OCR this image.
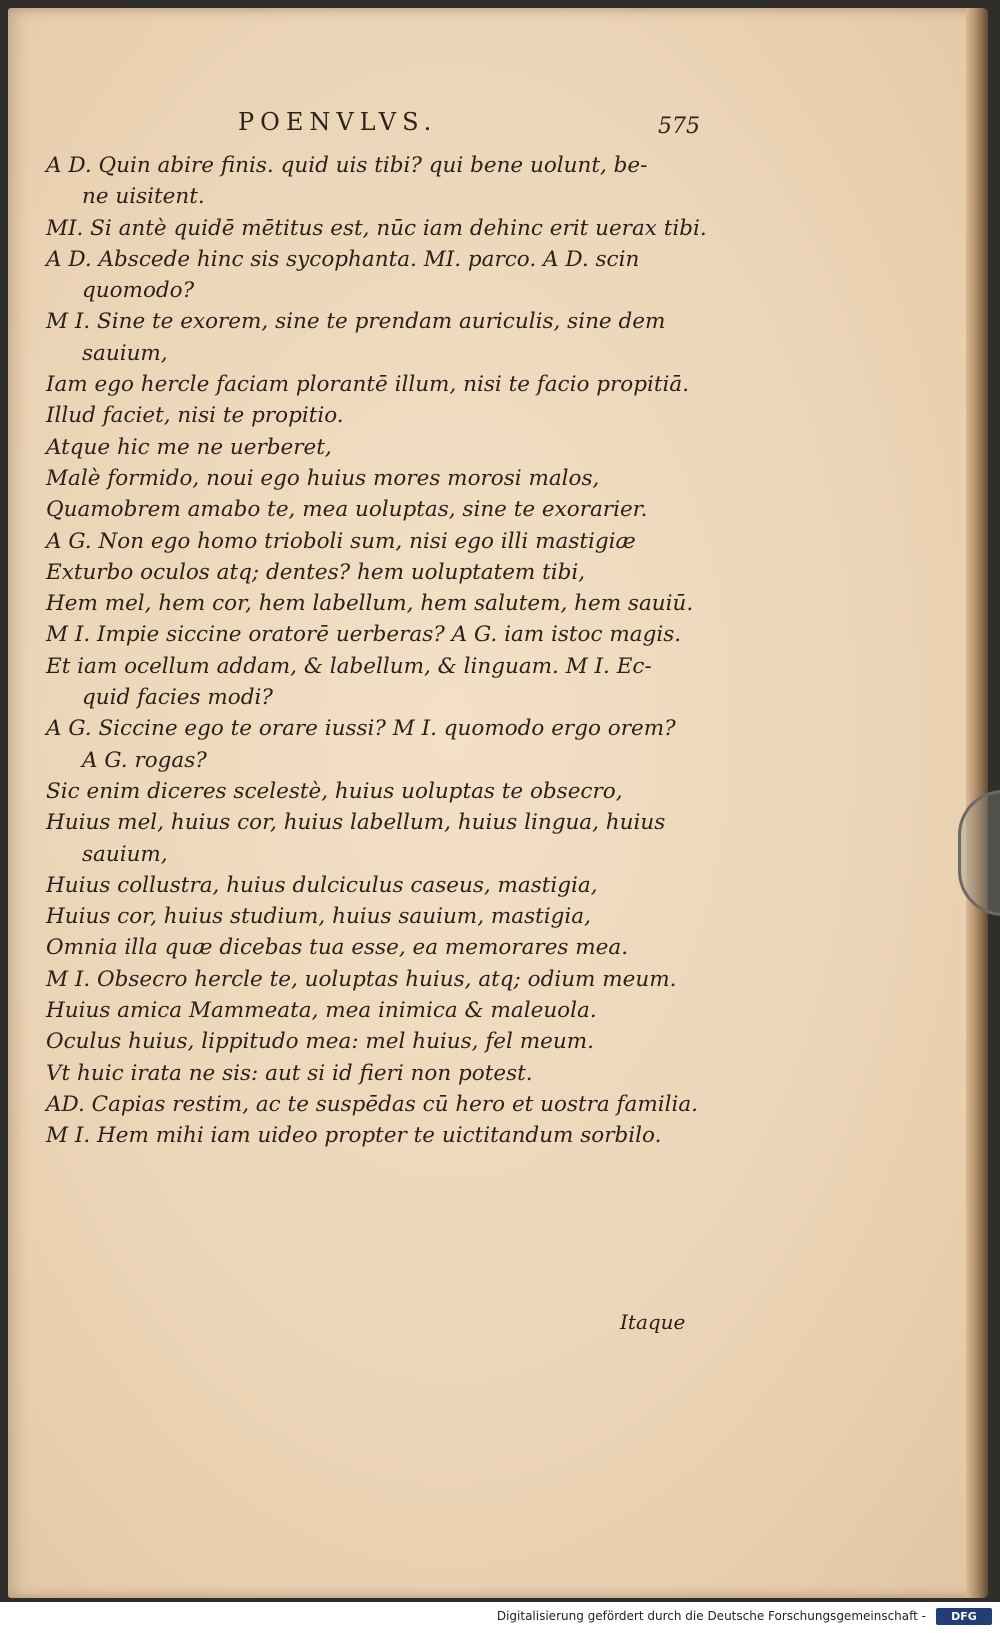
POENVLVS.	575
A D. Quin abire finis. quid uis tibi? qui bene uolunt, be-
ne uisitent.
MI. Si antè quidē mētitus est, nūc iam dehinc erit uerax tibi.
A D. Abscede hinc sis sycophanta. MI. parco. A D. scin
quomodo?
M I. Sine te exorem, sine te prendam auriculis, sine dem
sauium,
Iam ego hercle faciam plorantē illum, nisi te facio propitiā.
Illud faciet, nisi te propitio.
Atque hic me ne uerberet,
Malè formido, noui ego huius mores morosi malos,
Quamobrem amabo te, mea uoluptas, sine te exorarier.
A G. Non ego homo trioboli sum, nisi ego illi mastigiæ
Exturbo oculos atq; dentes? hem uoluptatem tibi,
Hem mel, hem cor, hem labellum, hem salutem, hem sauiū.
M I. Impie siccine oratorē uerberas? A G. iam istoc magis.
Et iam ocellum addam, & labellum, & linguam. M I. Ec-
quid facies modi?
A G. Siccine ego te orare iussi? M I. quomodo ergo orem?
A G. rogas?
Sic enim diceres scelestè, huius uoluptas te obsecro,
Huius mel, huius cor, huius labellum, huius lingua, huius
sauium,
Huius collustra, huius dulciculus caseus, mastigia,
Huius cor, huius studium, huius sauium, mastigia,
Omnia illa quæ dicebas tua esse, ea memorares mea.
M I. Obsecro hercle te, uoluptas huius, atq; odium meum.
Huius amica Mammeata, mea inimica & maleuola.
Oculus huius, lippitudo mea: mel huius, fel meum.
Vt huic irata ne sis: aut si id fieri non potest.
AD. Capias restim, ac te suspēdas cū hero et uostra familia.
M I. Hem mihi iam uideo propter te uictitandum sorbilo.
Itaque
Digitalisierung gefördert durch die Deutsche Forschungsgemeinschaft -	DFG
